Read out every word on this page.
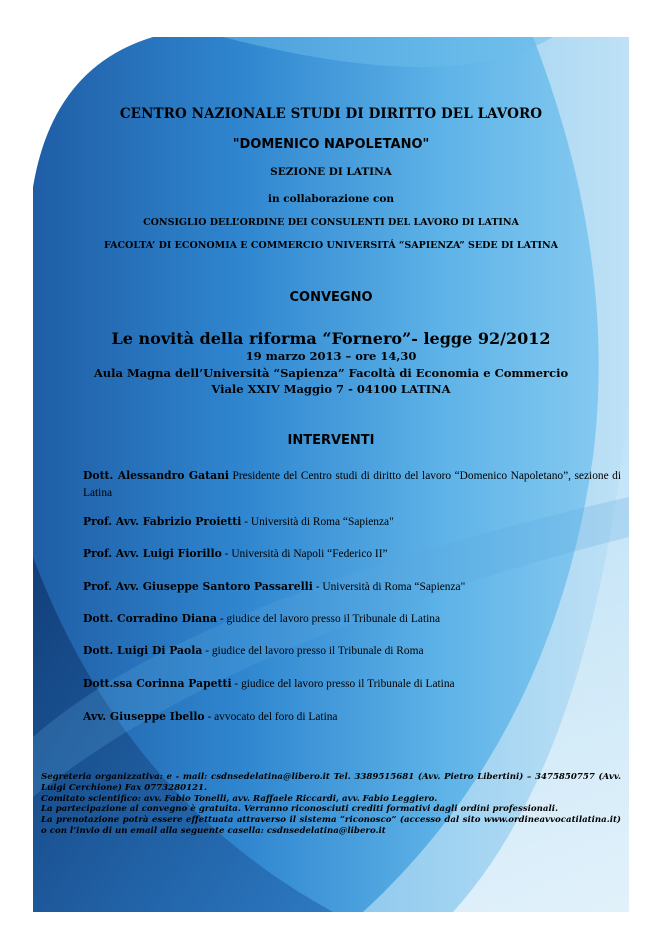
CENTRO NAZIONALE STUDI DI DIRITTO DEL LAVORO
"DOMENICO NAPOLETANO"
SEZIONE DI LATINA
in collaborazione con
CONSIGLIO DELL’ORDINE DEI CONSULENTI DEL LAVORO DI LATINA
FACOLTA’ DI ECONOMIA E COMMERCIO UNIVERSITÁ “SAPIENZA” SEDE DI LATINA
CONVEGNO
Le novità della riforma “Fornero”- legge 92/2012
19 marzo 2013 – ore 14,30
Aula Magna dell’Università “Sapienza” Facoltà di Economia e Commercio
Viale XXIV Maggio 7 - 04100 LATINA
INTERVENTI
Dott. Alessandro Gatani Presidente del Centro studi di diritto del lavoro “Domenico Napoletano”, sezione di Latina
Prof. Avv. Fabrizio Proietti - Università di Roma “Sapienza"
Prof. Avv. Luigi Fiorillo - Università di Napoli “Federico II”
Prof. Avv. Giuseppe Santoro Passarelli - Università di Roma “Sapienza"
Dott. Corradino Diana - giudice del lavoro presso il Tribunale di Latina
Dott. Luigi Di Paola - giudice del lavoro presso il Tribunale di Roma
Dott.ssa Corinna Papetti - giudice del lavoro presso il Tribunale di Latina
Avv. Giuseppe Ibello - avvocato del foro di Latina
Segreteria organizzativa: e - mail: csdnsedelatina@libero.it Tel. 3389515681 (Avv. Pietro Libertini) – 3475850757 (Avv. Luigi Cerchione) Fax 0773280121.
Comitato scientifico: avv. Fabio Tonelli, avv. Raffaele Riccardi, avv. Fabio Leggiero.
La partecipazione al convegno è gratuita. Verranno riconosciuti crediti formativi dagli ordini professionali.
La prenotazione potrà essere effettuata attraverso il sistema “riconosco” (accesso dal sito www.ordineavvocatilatina.it) o con l’invio di un email alla seguente casella: csdnsedelatina@libero.it
